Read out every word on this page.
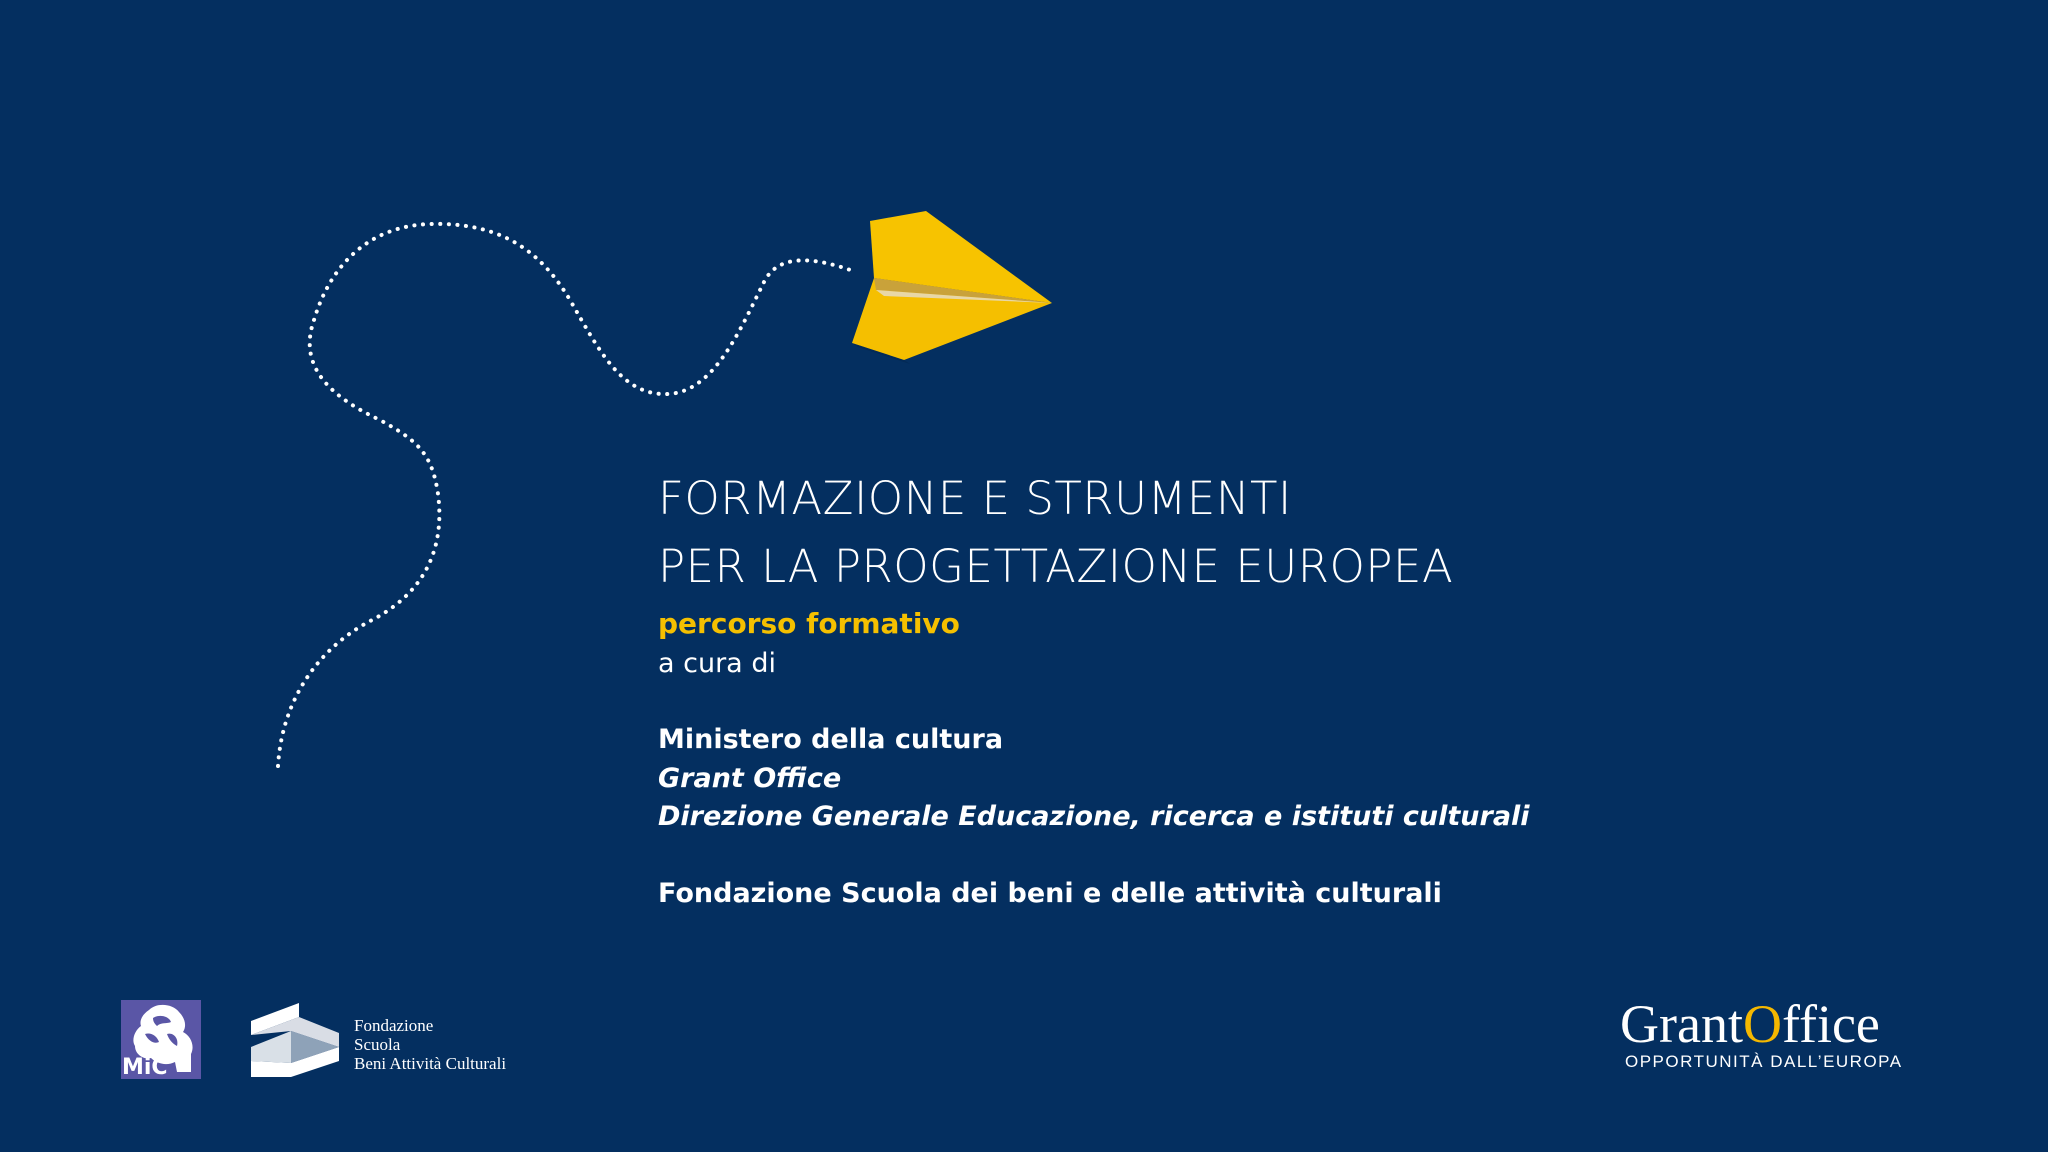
FORMAZIONE E STRUMENTI
PER LA PROGETTAZIONE EUROPEA
percorso formativo
a cura di
Ministero della cultura
Grant Office
Direzione Generale Educazione, ricerca e istituti culturali
Fondazione Scuola dei beni e delle attività culturali
MiC
Fondazione
Scuola
Beni Attività Culturali
GrantOffice
OPPORTUNITÀ DALL’EUROPA
